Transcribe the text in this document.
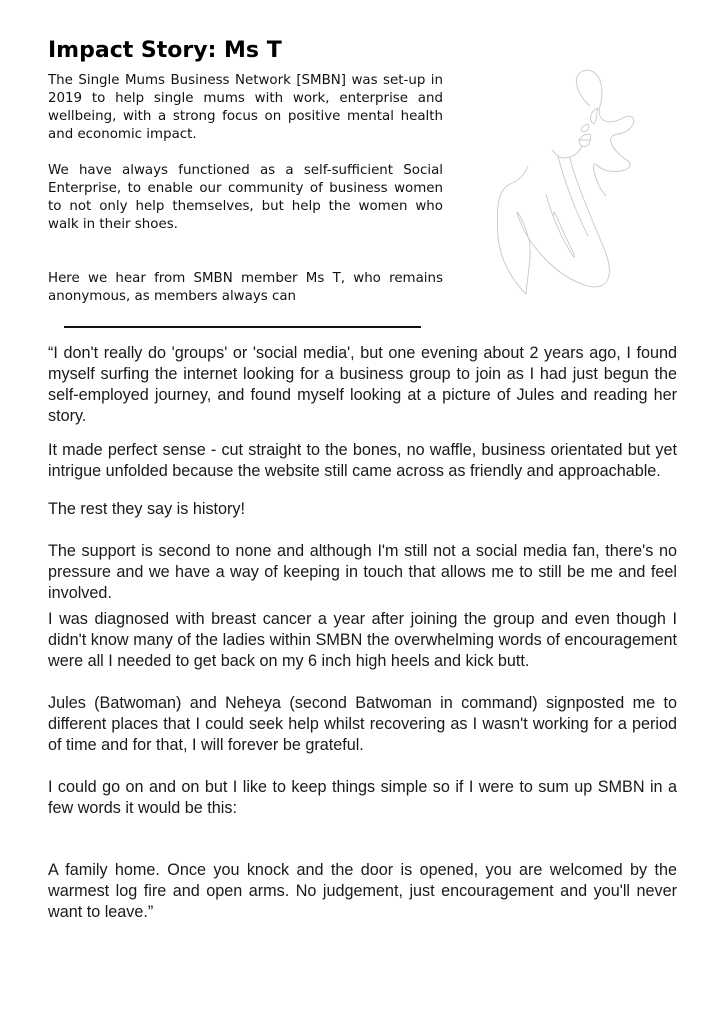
Impact Story: Ms T

The Single Mums Business Network [SMBN] was set-up in 2019 to help single mums with work, enterprise and wellbeing, with a strong focus on positive mental health and economic impact.

We have always functioned as a self-sufficient Social Enterprise, to enable our community of business women to not only help themselves, but help the women who walk in their shoes.

Here we hear from SMBN member Ms T, who remains anonymous, as members always can

“I don't really do 'groups' or 'social media', but one evening about 2 years ago, I found myself surfing the internet looking for a business group to join as I had just begun the self-employed journey, and found myself looking at a picture of Jules and reading her story.

It made perfect sense - cut straight to the bones, no waffle, business orientated but yet intrigue unfolded because the website still came across as friendly and approachable.

The rest they say is history!

The support is second to none and although I'm still not a social media fan, there's no pressure and we have a way of keeping in touch that allows me to still be me and feel involved.

I was diagnosed with breast cancer a year after joining the group and even though I didn't know many of the ladies within SMBN the overwhelming words of encouragement were all I needed to get back on my 6 inch high heels and kick butt.

Jules (Batwoman) and Neheya (second Batwoman in command) signposted me to different places that I could seek help whilst recovering as I wasn't working for a period of time and for that, I will forever be grateful.

I could go on and on but I like to keep things simple so if I were to sum up SMBN in a few words it would be this:

A family home. Once you knock and the door is opened, you are welcomed by the warmest log fire and open arms. No judgement, just encouragement and you'll never want to leave.”
